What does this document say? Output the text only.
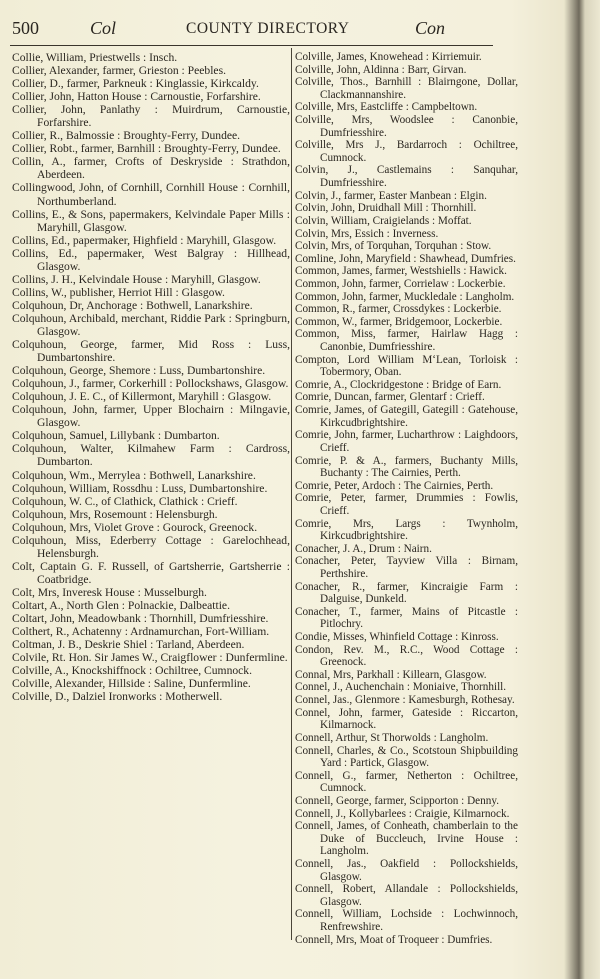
500	Col	COUNTY DIRECTORY	Con
Collie, William, Priestwells : Insch.
Collier, Alexander, farmer, Grieston : Peebles.
Collier, D., farmer, Parkneuk : Kinglassie, Kirkcaldy.
Collier, John, Hatton House : Carnoustie, Forfarshire.
Collier, John, Panlathy : Muirdrum, Carnoustie, Forfarshire.
Collier, R., Balmossie : Broughty-Ferry, Dundee.
Collier, Robt., farmer, Barnhill : Broughty-Ferry, Dundee.
Collin, A., farmer, Crofts of Deskryside : Strathdon, Aberdeen.
Collingwood, John, of Cornhill, Cornhill House : Cornhill, Northumberland.
Collins, E., & Sons, papermakers, Kelvindale Paper Mills : Maryhill, Glasgow.
Collins, Ed., papermaker, Highfield : Maryhill, Glasgow.
Collins, Ed., papermaker, West Balgray : Hillhead, Glasgow.
Collins, J. H., Kelvindale House : Maryhill, Glasgow.
Collins, W., publisher, Herriot Hill : Glasgow.
Colquhoun, Dr, Anchorage : Bothwell, Lanarkshire.
Colquhoun, Archibald, merchant, Riddie Park : Springburn, Glasgow.
Colquhoun, George, farmer, Mid Ross : Luss, Dumbartonshire.
Colquhoun, George, Shemore : Luss, Dumbartonshire.
Colquhoun, J., farmer, Corkerhill : Pollockshaws, Glasgow.
Colquhoun, J. E. C., of Killermont, Maryhill : Glasgow.
Colquhoun, John, farmer, Upper Blochairn : Milngavie, Glasgow.
Colquhoun, Samuel, Lillybank : Dumbarton.
Colquhoun, Walter, Kilmahew Farm : Cardross, Dumbarton.
Colquhoun, Wm., Merrylea : Bothwell, Lanarkshire.
Colquhoun, William, Rossdhu : Luss, Dumbartonshire.
Colquhoun, W. C., of Clathick, Clathick : Crieff.
Colquhoun, Mrs, Rosemount : Helensburgh.
Colquhoun, Mrs, Violet Grove : Gourock, Greenock.
Colquhoun, Miss, Ederberry Cottage : Garelochhead, Helensburgh.
Colt, Captain G. F. Russell, of Gartsherrie, Gartsherrie : Coatbridge.
Colt, Mrs, Inveresk House : Musselburgh.
Coltart, A., North Glen : Polnackie, Dalbeattie.
Coltart, John, Meadowbank : Thornhill, Dumfriesshire.
Colthert, R., Achatenny : Ardnamurchan, Fort-William.
Coltman, J. B., Deskrie Shiel : Tarland, Aberdeen.
Colvile, Rt. Hon. Sir James W., Craigflower : Dunfermline.
Colville, A., Knockshiffnock : Ochiltree, Cumnock.
Colville, Alexander, Hillside : Saline, Dunfermline.
Colville, D., Dalziel Ironworks : Motherwell.
Colville, James, Knowehead : Kirriemuir.
Colville, John, Aldinna : Barr, Girvan.
Colville, Thos., Barnhill : Blairngone, Dollar, Clackmannanshire.
Colville, Mrs, Eastcliffe : Campbeltown.
Colville, Mrs, Woodslee : Canonbie, Dumfriesshire.
Colville, Mrs J., Bardarroch : Ochiltree, Cumnock.
Colvin, J., Castlemains : Sanquhar, Dumfriesshire.
Colvin, J., farmer, Easter Manbean : Elgin.
Colvin, John, Druidhall Mill : Thornhill.
Colvin, William, Craigielands : Moffat.
Colvin, Mrs, Essich : Inverness.
Colvin, Mrs, of Torquhan, Torquhan : Stow.
Comline, John, Maryfield : Shawhead, Dumfries.
Common, James, farmer, Westshiells : Hawick.
Common, John, farmer, Corrielaw : Lockerbie.
Common, John, farmer, Muckledale : Langholm.
Common, R., farmer, Crossdykes : Lockerbie.
Common, W., farmer, Bridgemoor, Lockerbie.
Common, Miss, farmer, Hairlaw Hagg : Canonbie, Dumfriesshire.
Compton, Lord William M‘Lean, Torloisk : Tobermory, Oban.
Comrie, A., Clockridgestone : Bridge of Earn.
Comrie, Duncan, farmer, Glentarf : Crieff.
Comrie, James, of Gategill, Gategill : Gatehouse, Kirkcudbrightshire.
Comrie, John, farmer, Lucharthrow : Laighdoors, Crieff.
Comrie, P. & A., farmers, Buchanty Mills, Buchanty : The Cairnies, Perth.
Comrie, Peter, Ardoch : The Cairnies, Perth.
Comrie, Peter, farmer, Drummies : Fowlis, Crieff.
Comrie, Mrs, Largs : Twynholm, Kirkcudbrightshire.
Conacher, J. A., Drum : Nairn.
Conacher, Peter, Tayview Villa : Birnam, Perthshire.
Conacher, R., farmer, Kincraigie Farm : Dalguise, Dunkeld.
Conacher, T., farmer, Mains of Pitcastle : Pitlochry.
Condie, Misses, Whinfield Cottage : Kinross.
Condon, Rev. M., R.C., Wood Cottage : Greenock.
Connal, Mrs, Parkhall : Killearn, Glasgow.
Connel, J., Auchenchain : Moniaive, Thornhill.
Connel, Jas., Glenmore : Kamesburgh, Rothesay.
Connel, John, farmer, Gateside : Riccarton, Kilmarnock.
Connell, Arthur, St Thorwolds : Langholm.
Connell, Charles, & Co., Scotstoun Shipbuilding Yard : Partick, Glasgow.
Connell, G., farmer, Netherton : Ochiltree, Cumnock.
Connell, George, farmer, Scipporton : Denny.
Connell, J., Kollybarlees : Craigie, Kilmarnock.
Connell, James, of Conheath, chamberlain to the Duke of Buccleuch, Irvine House : Langholm.
Connell, Jas., Oakfield : Pollockshields, Glasgow.
Connell, Robert, Allandale : Pollockshields, Glasgow.
Connell, William, Lochside : Lochwinnoch, Renfrewshire.
Connell, Mrs, Moat of Troqueer : Dumfries.
